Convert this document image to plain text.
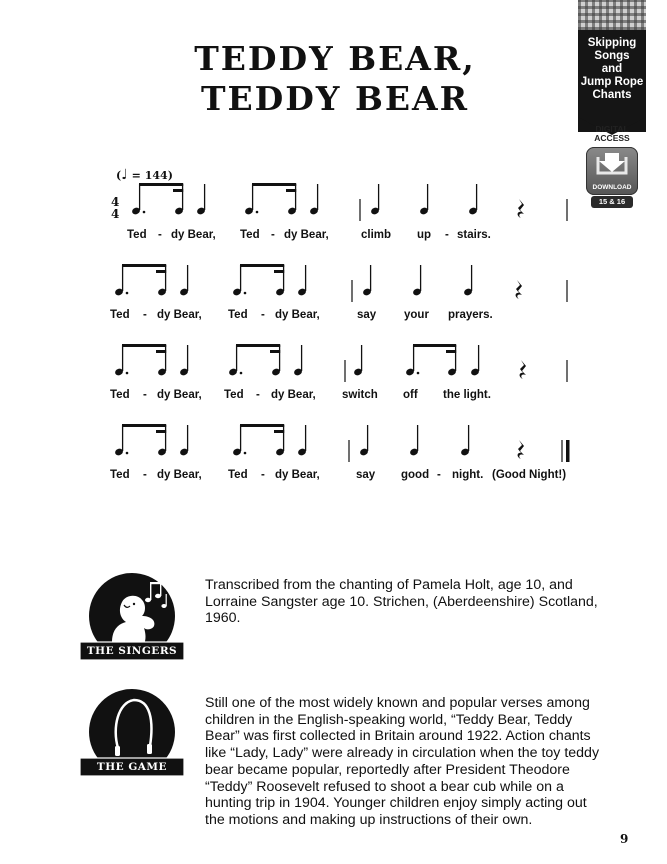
TEDDY BEAR,
TEDDY BEAR
Skipping
Songs
and
Jump Rope
Chants
DIGITAL
ACCESS
DOWNLOAD
15 & 16
(♩ = 144)
4
4
Ted - dy Bear, Ted - dy Bear,	climb up - stairs.
Ted - dy Bear, Ted - dy Bear,	say your prayers.
Ted - dy Bear, Ted - dy Bear, switch off the light.
Ted - dy Bear, Ted - dy Bear,	say good - night. (Good Night!)
THE SINGERS
Transcribed from the chanting of Pamela Holt, age 10, and Lorraine Sangster age 10. Strichen, (Aberdeenshire) Scotland, 1960.
THE GAME
Still one of the most widely known and popular verses among children in the English-speaking world, “Teddy Bear, Teddy Bear” was first collected in Britain around 1922. Action chants like “Lady, Lady” were already in circulation when the toy teddy bear became popular, reportedly after President Theodore “Teddy” Roosevelt refused to shoot a bear cub while on a hunting trip in 1904. Younger children enjoy simply acting out the motions and making up instructions of their own.
9
